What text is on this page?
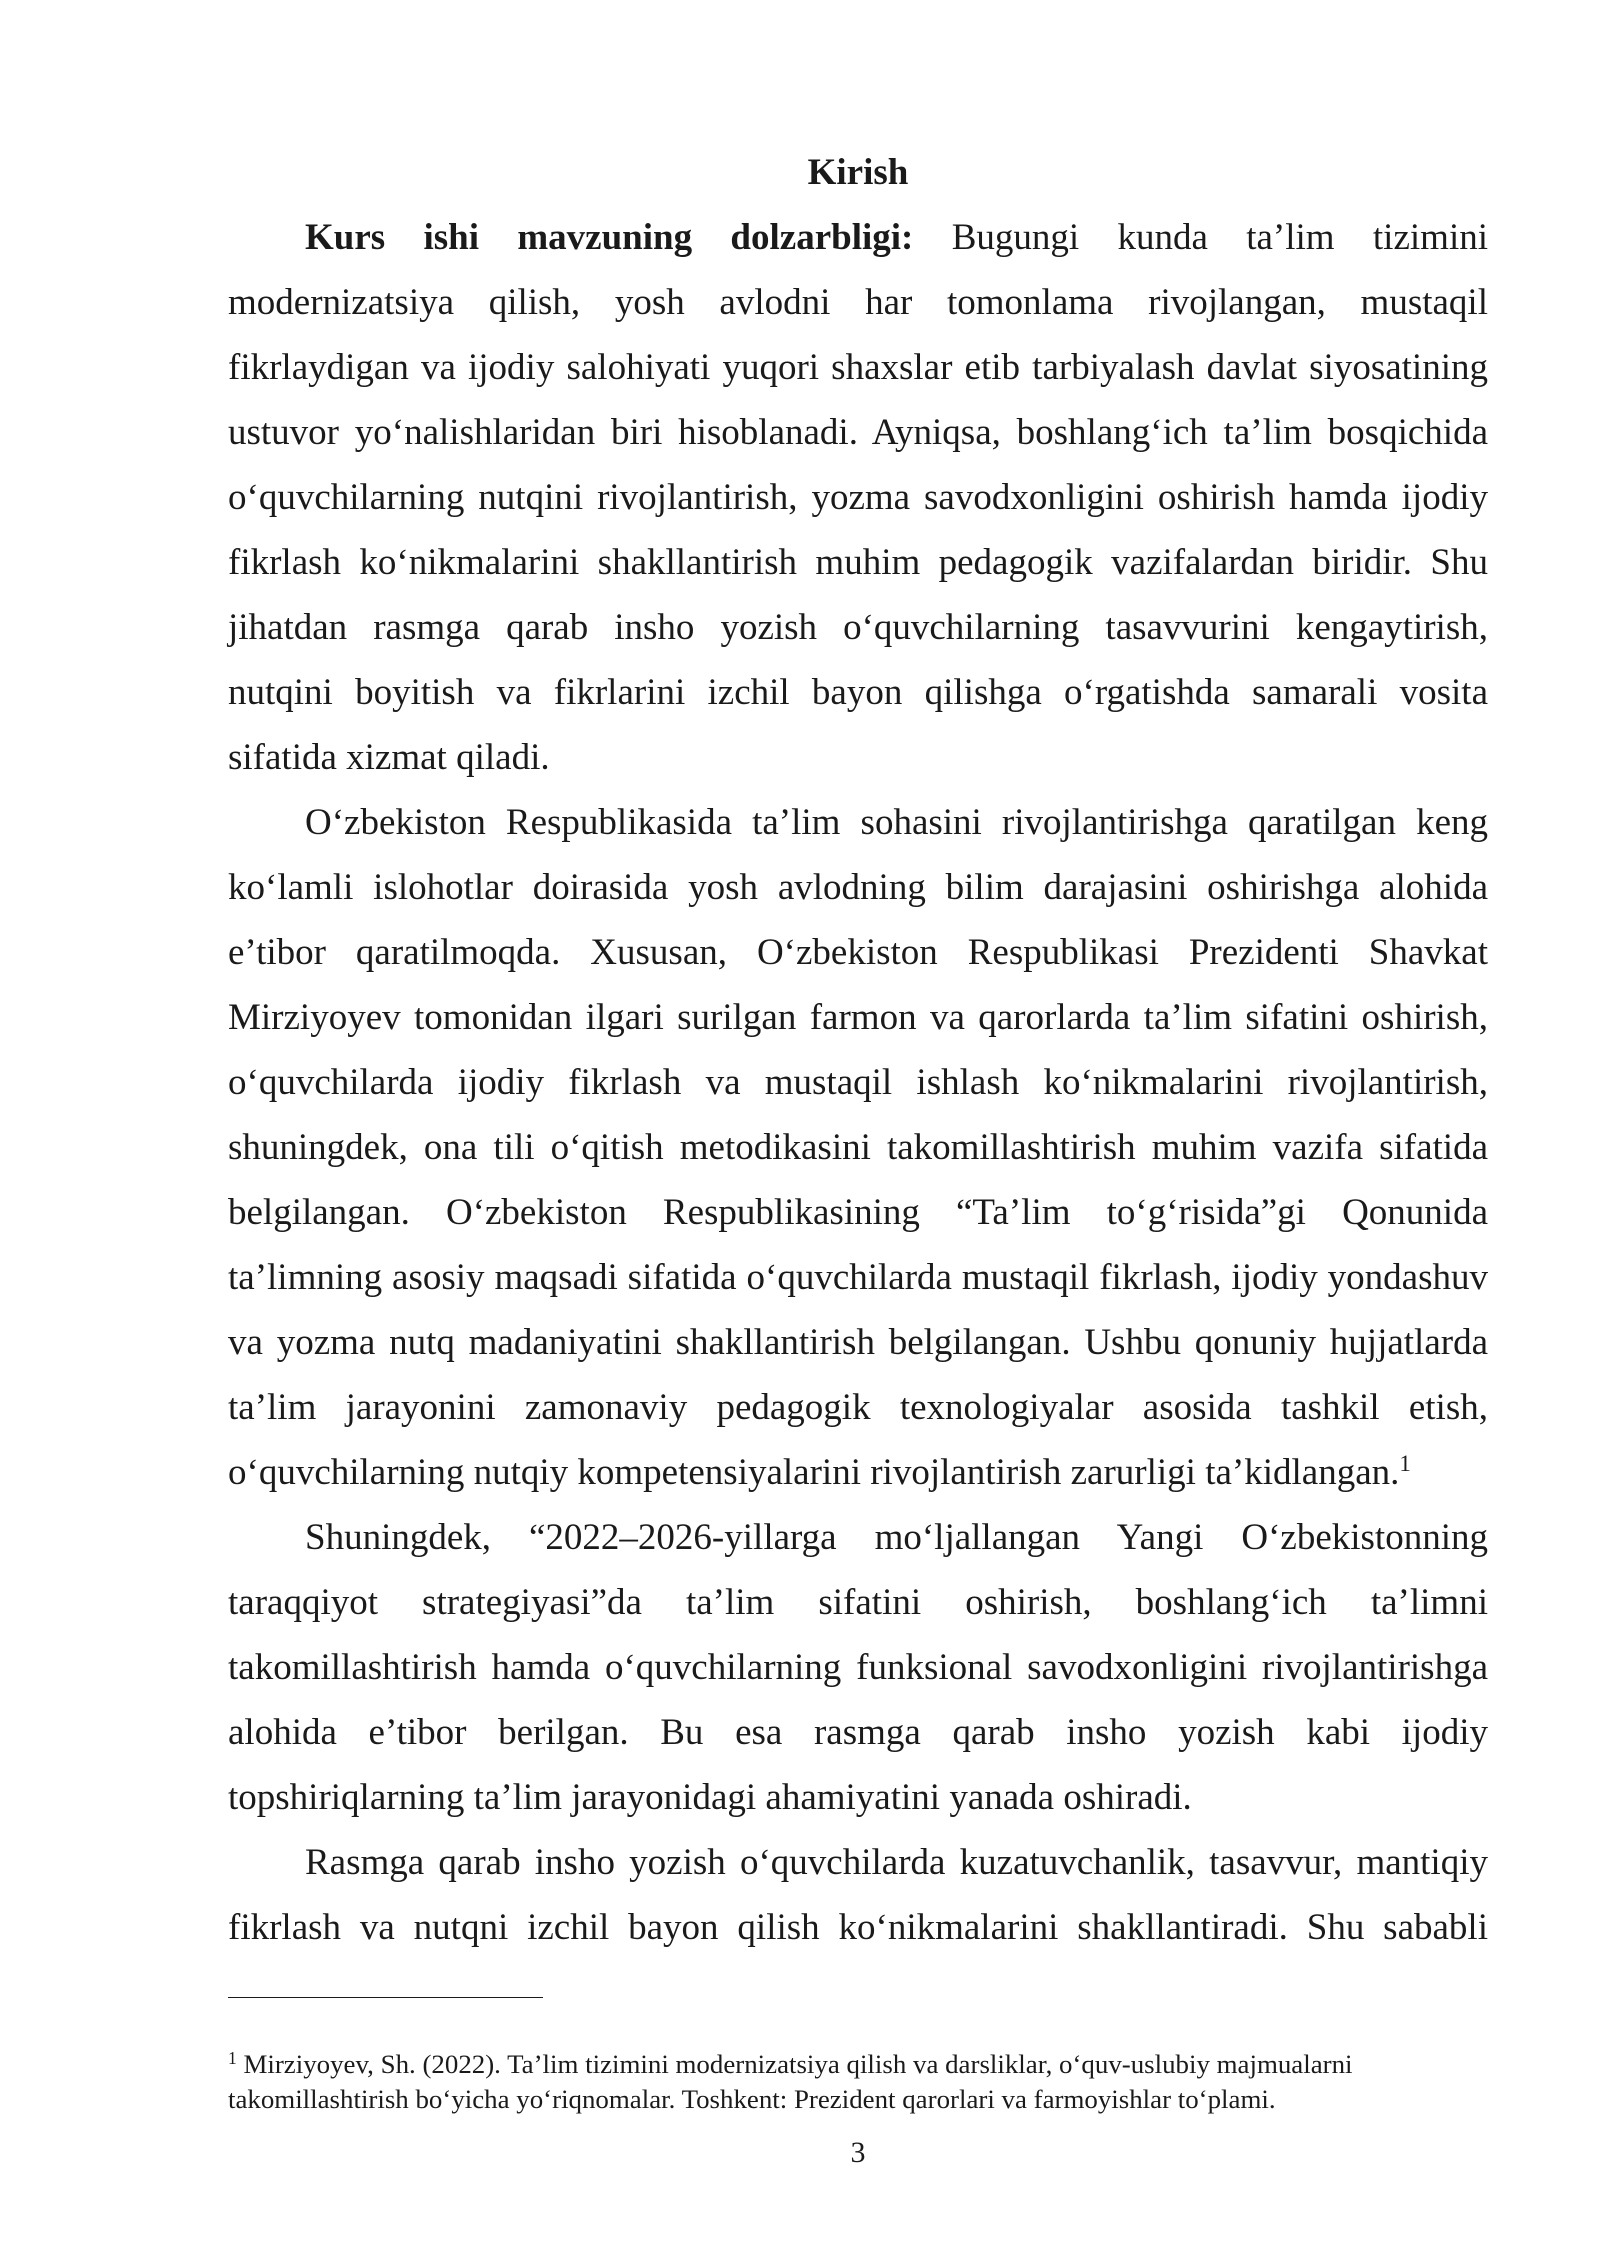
Kirish
Kurs ishi mavzuning dolzarbligi: Bugungi kunda ta’lim tizimini
modernizatsiya qilish, yosh avlodni har tomonlama rivojlangan, mustaqil
fikrlaydigan va ijodiy salohiyati yuqori shaxslar etib tarbiyalash davlat siyosatining
ustuvor yo‘nalishlaridan biri hisoblanadi. Ayniqsa, boshlang‘ich ta’lim bosqichida
o‘quvchilarning nutqini rivojlantirish, yozma savodxonligini oshirish hamda ijodiy
fikrlash ko‘nikmalarini shakllantirish muhim pedagogik vazifalardan biridir. Shu
jihatdan rasmga qarab insho yozish o‘quvchilarning tasavvurini kengaytirish,
nutqini boyitish va fikrlarini izchil bayon qilishga o‘rgatishda samarali vosita
sifatida xizmat qiladi.
O‘zbekiston Respublikasida ta’lim sohasini rivojlantirishga qaratilgan keng
ko‘lamli islohotlar doirasida yosh avlodning bilim darajasini oshirishga alohida
e’tibor qaratilmoqda. Xususan, O‘zbekiston Respublikasi Prezidenti Shavkat
Mirziyoyev tomonidan ilgari surilgan farmon va qarorlarda ta’lim sifatini oshirish,
o‘quvchilarda ijodiy fikrlash va mustaqil ishlash ko‘nikmalarini rivojlantirish,
shuningdek, ona tili o‘qitish metodikasini takomillashtirish muhim vazifa sifatida
belgilangan. O‘zbekiston Respublikasining “Ta’lim to‘g‘risida”gi Qonunida
ta’limning asosiy maqsadi sifatida o‘quvchilarda mustaqil fikrlash, ijodiy yondashuv
va yozma nutq madaniyatini shakllantirish belgilangan. Ushbu qonuniy hujjatlarda
ta’lim jarayonini zamonaviy pedagogik texnologiyalar asosida tashkil etish,
o‘quvchilarning nutqiy kompetensiyalarini rivojlantirish zarurligi ta’kidlangan.$^1$
Shuningdek, “2022–2026-yillarga mo‘ljallangan Yangi O‘zbekistonning
taraqqiyot strategiyasi”da ta’lim sifatini oshirish, boshlang‘ich ta’limni
takomillashtirish hamda o‘quvchilarning funksional savodxonligini rivojlantirishga
alohida e’tibor berilgan. Bu esa rasmga qarab insho yozish kabi ijodiy
topshiriqlarning ta’lim jarayonidagi ahamiyatini yanada oshiradi.
Rasmga qarab insho yozish o‘quvchilarda kuzatuvchanlik, tasavvur, mantiqiy
fikrlash va nutqni izchil bayon qilish ko‘nikmalarini shakllantiradi. Shu sababli
$^1$ Mirziyoyev, Sh. (2022). Ta’lim tizimini modernizatsiya qilish va darsliklar, o‘quv-uslubiy majmualarni
takomillashtirish bo‘yicha yo‘riqnomalar. Toshkent: Prezident qarorlari va farmoyishlar to‘plami.
3
